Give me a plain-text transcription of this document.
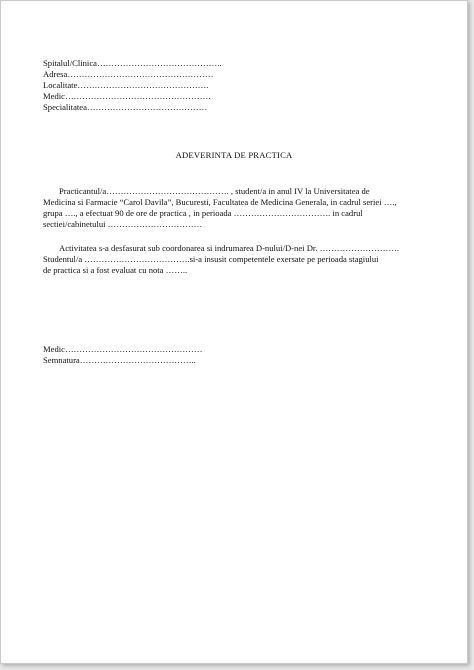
Spitalul/Clinica……………………………………..
Adresa……………………………………………
Localitate……………………………………….
Medic……………………………………………
Specialitatea……………………………………
ADEVERINTA DE PRACTICA
Practicantul/a……………………………………. , student/a in anul IV la Universitatea de
Medicina si Farmacie “Carol Davila”, Bucuresti, Facultatea de Medicina Generala, in cadrul seriei ….,
grupa …., a efectuat 90 de ore de practica , in perioada ……………………………. in cadrul
sectiei/cabinetului ……………………………
Activitatea s-a desfasurat sub coordonarea si indrumarea D-nului/D-nei Dr. ……………………….
Studentul/a ……………………………….si-a insusit competentele exersate pe perioada stagiului
de practica si a fost evaluat cu nota ……..
Medic…………………………………………
Semnatura…………………………………..
